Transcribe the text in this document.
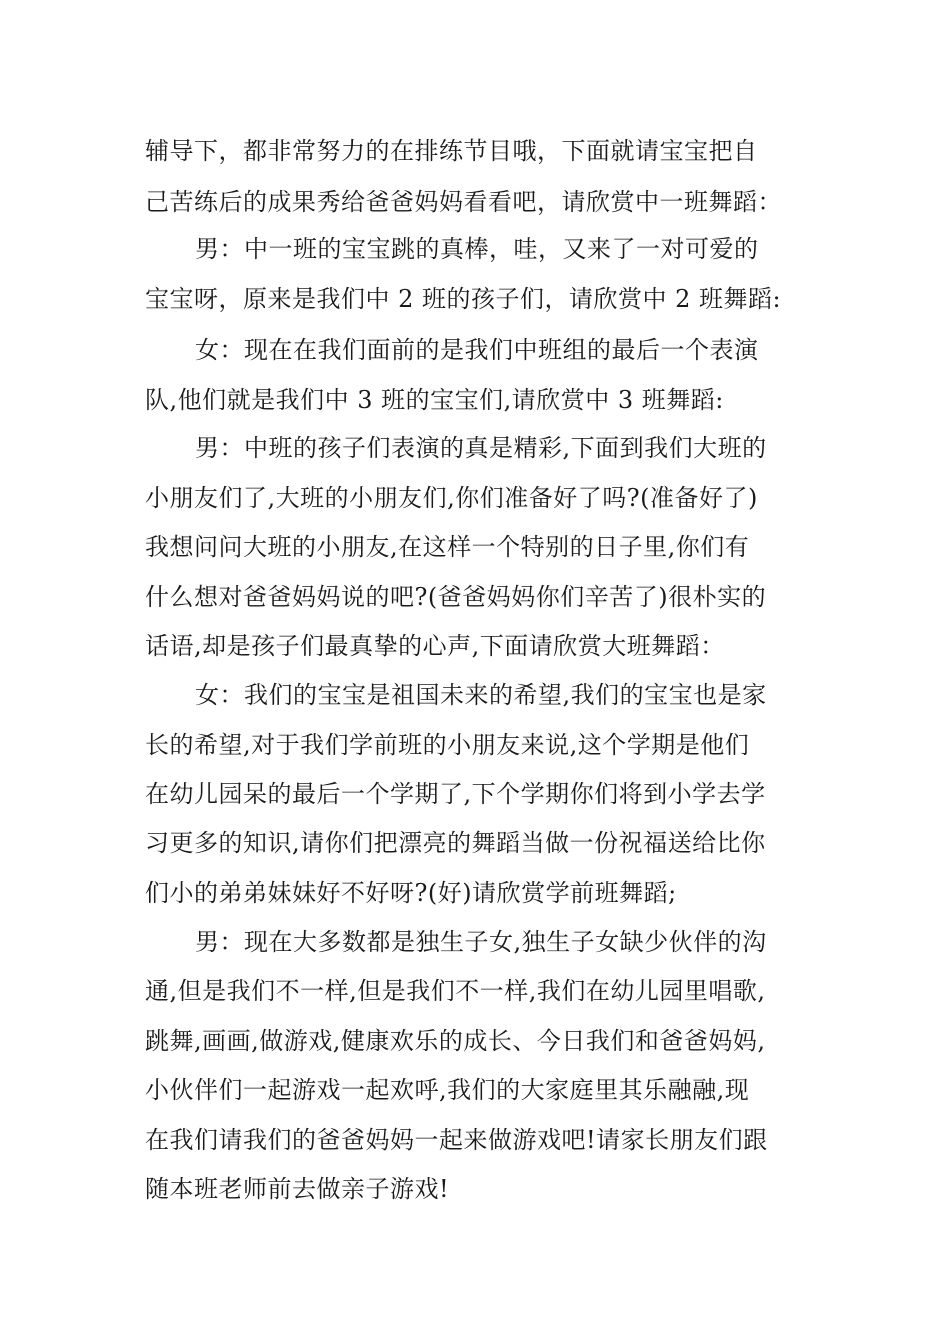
辅导下，都非常努力的在排练节目哦，下面就请宝宝把自
己苦练后的成果秀给爸爸妈妈看看吧，请欣赏中一班舞蹈：
男：中一班的宝宝跳的真棒，哇，又来了一对可爱的
宝宝呀，原来是我们中 2 班的孩子们，请欣赏中 2 班舞蹈:
女：现在在我们面前的是我们中班组的最后一个表演
队,他们就是我们中 3 班的宝宝们,请欣赏中 3 班舞蹈:
男：中班的孩子们表演的真是精彩,下面到我们大班的
小朋友们了,大班的小朋友们,你们准备好了吗?(准备好了)
我想问问大班的小朋友,在这样一个特别的日子里,你们有
什么想对爸爸妈妈说的吧?(爸爸妈妈你们辛苦了)很朴实的
话语,却是孩子们最真挚的心声,下面请欣赏大班舞蹈：
女：我们的宝宝是祖国未来的希望,我们的宝宝也是家
长的希望,对于我们学前班的小朋友来说,这个学期是他们
在幼儿园呆的最后一个学期了,下个学期你们将到小学去学
习更多的知识,请你们把漂亮的舞蹈当做一份祝福送给比你
们小的弟弟妹妹好不好呀?(好)请欣赏学前班舞蹈;
男：现在大多数都是独生子女,独生子女缺少伙伴的沟
通,但是我们不一样,但是我们不一样,我们在幼儿园里唱歌,
跳舞,画画,做游戏,健康欢乐的成长、今日我们和爸爸妈妈,
小伙伴们一起游戏一起欢呼,我们的大家庭里其乐融融,现
在我们请我们的爸爸妈妈一起来做游戏吧!请家长朋友们跟
随本班老师前去做亲子游戏!
